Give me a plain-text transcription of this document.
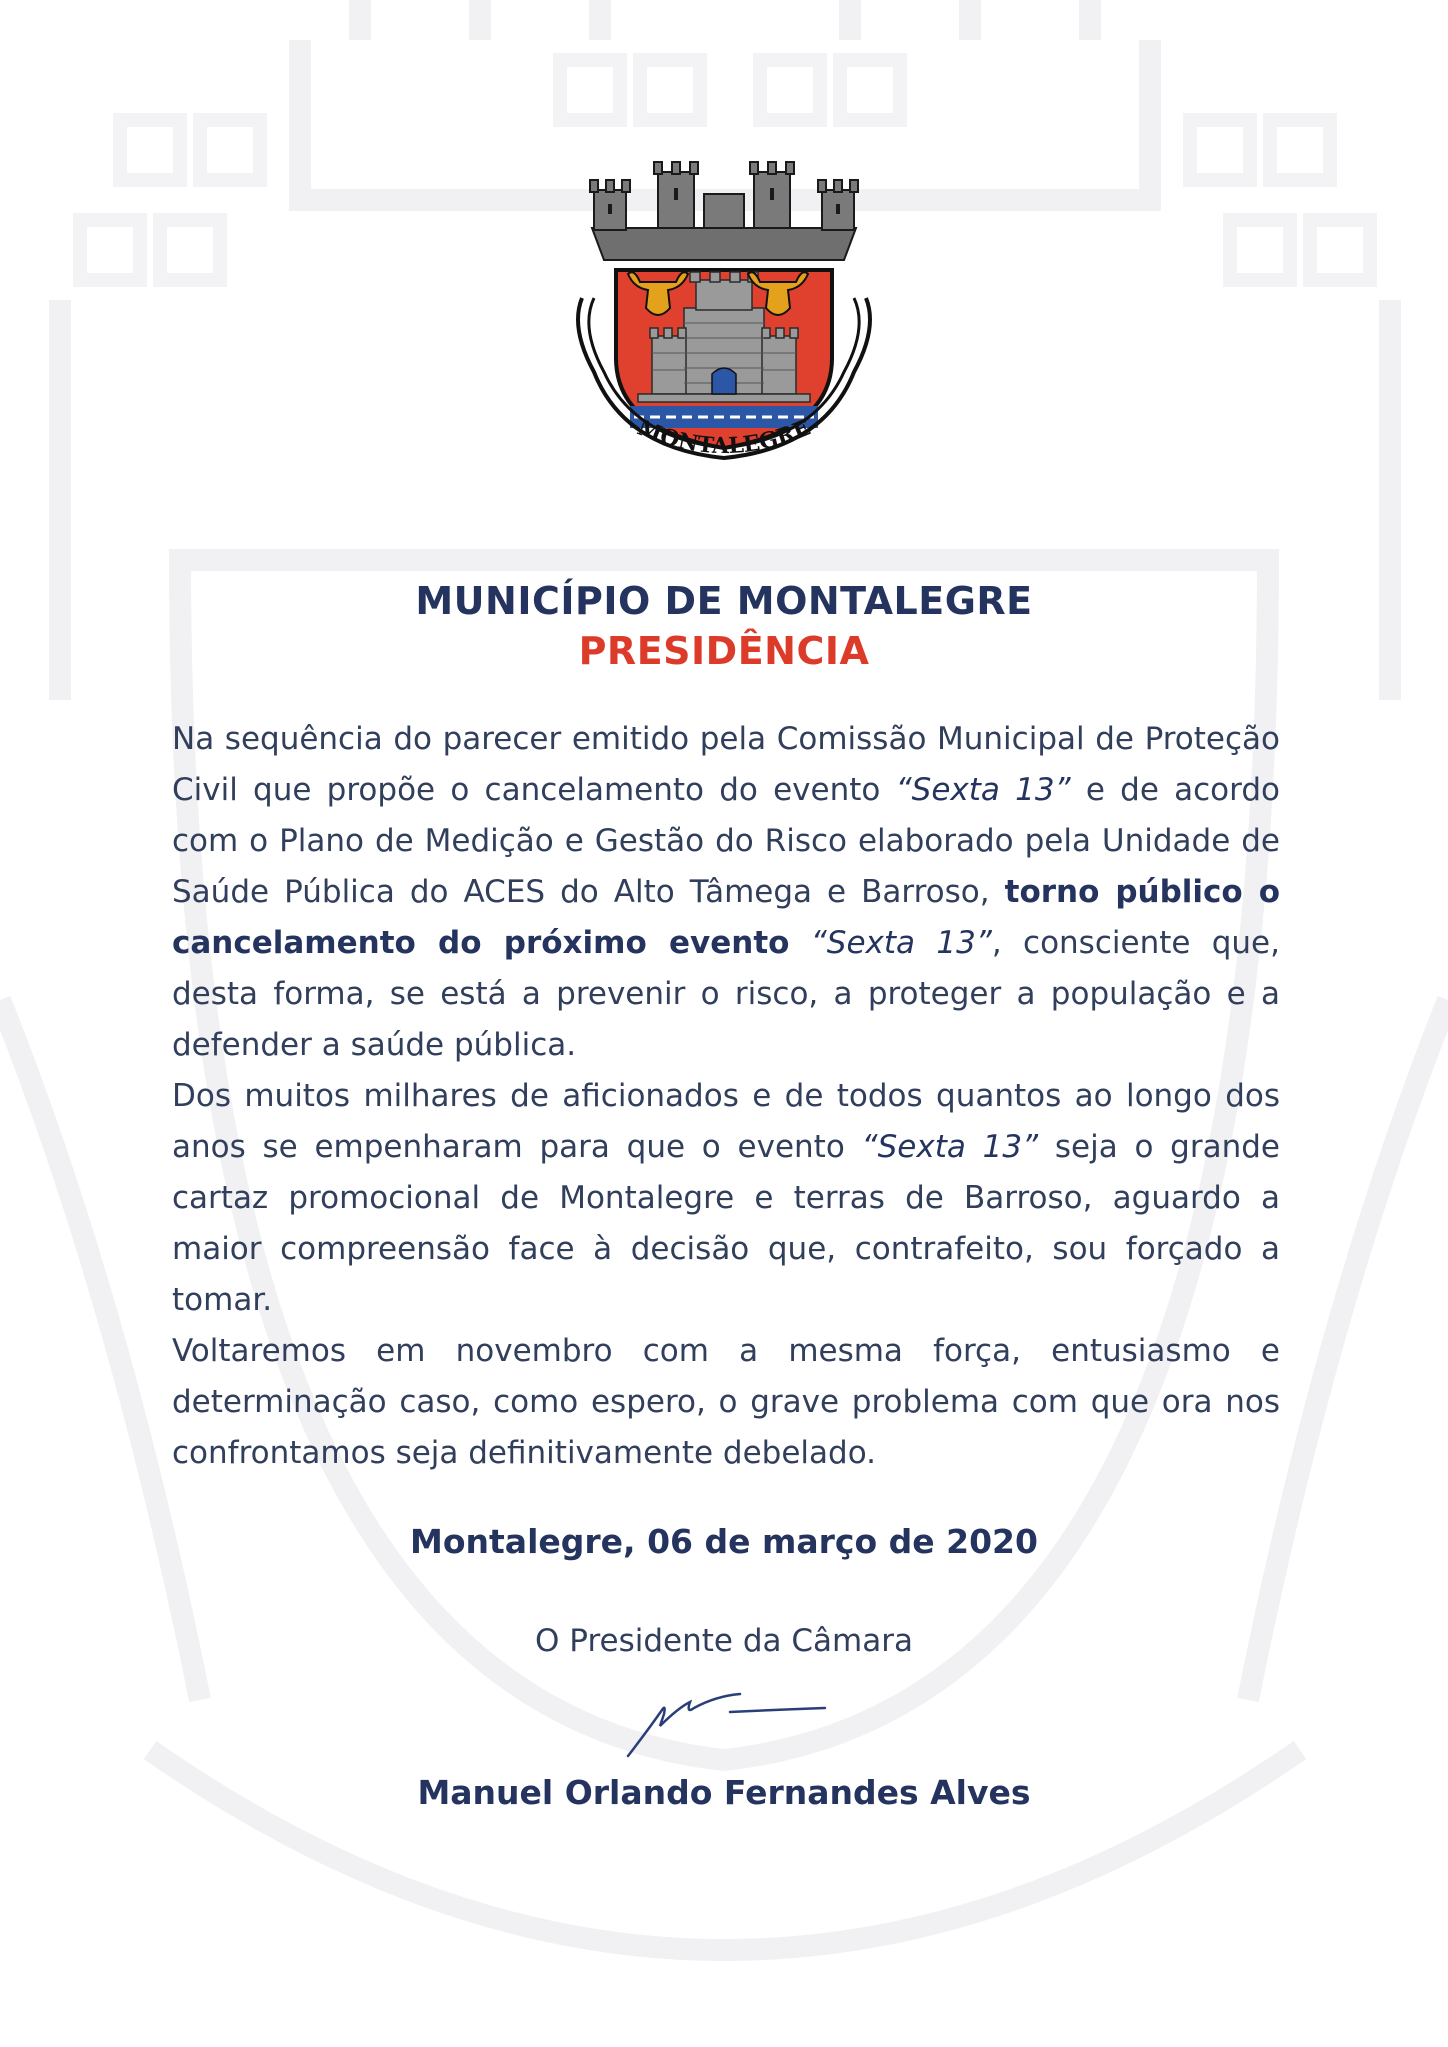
MONTALEGRE
MUNICÍPIO DE MONTALEGRE
PRESIDÊNCIA

Na sequência do parecer emitido pela Comissão Municipal de Proteção Civil que propõe o cancelamento do evento “Sexta 13” e de acordo com o Plano de Medição e Gestão do Risco elaborado pela Unidade de Saúde Pública do ACES do Alto Tâmega e Barroso, torno público o cancelamento do próximo evento “Sexta 13”, consciente que, desta forma, se está a prevenir o risco, a proteger a população e a defender a saúde pública.

Dos muitos milhares de aficionados e de todos quantos ao longo dos anos se empenharam para que o evento “Sexta 13” seja o grande cartaz promocional de Montalegre e terras de Barroso, aguardo a maior compreensão face à decisão que, contrafeito, sou forçado a tomar.

Voltaremos em novembro com a mesma força, entusiasmo e determinação caso, como espero, o grave problema com que ora nos confrontamos seja definitivamente debelado.

Montalegre, 06 de março de 2020
O Presidente da Câmara
Manuel Orlando Fernandes Alves
